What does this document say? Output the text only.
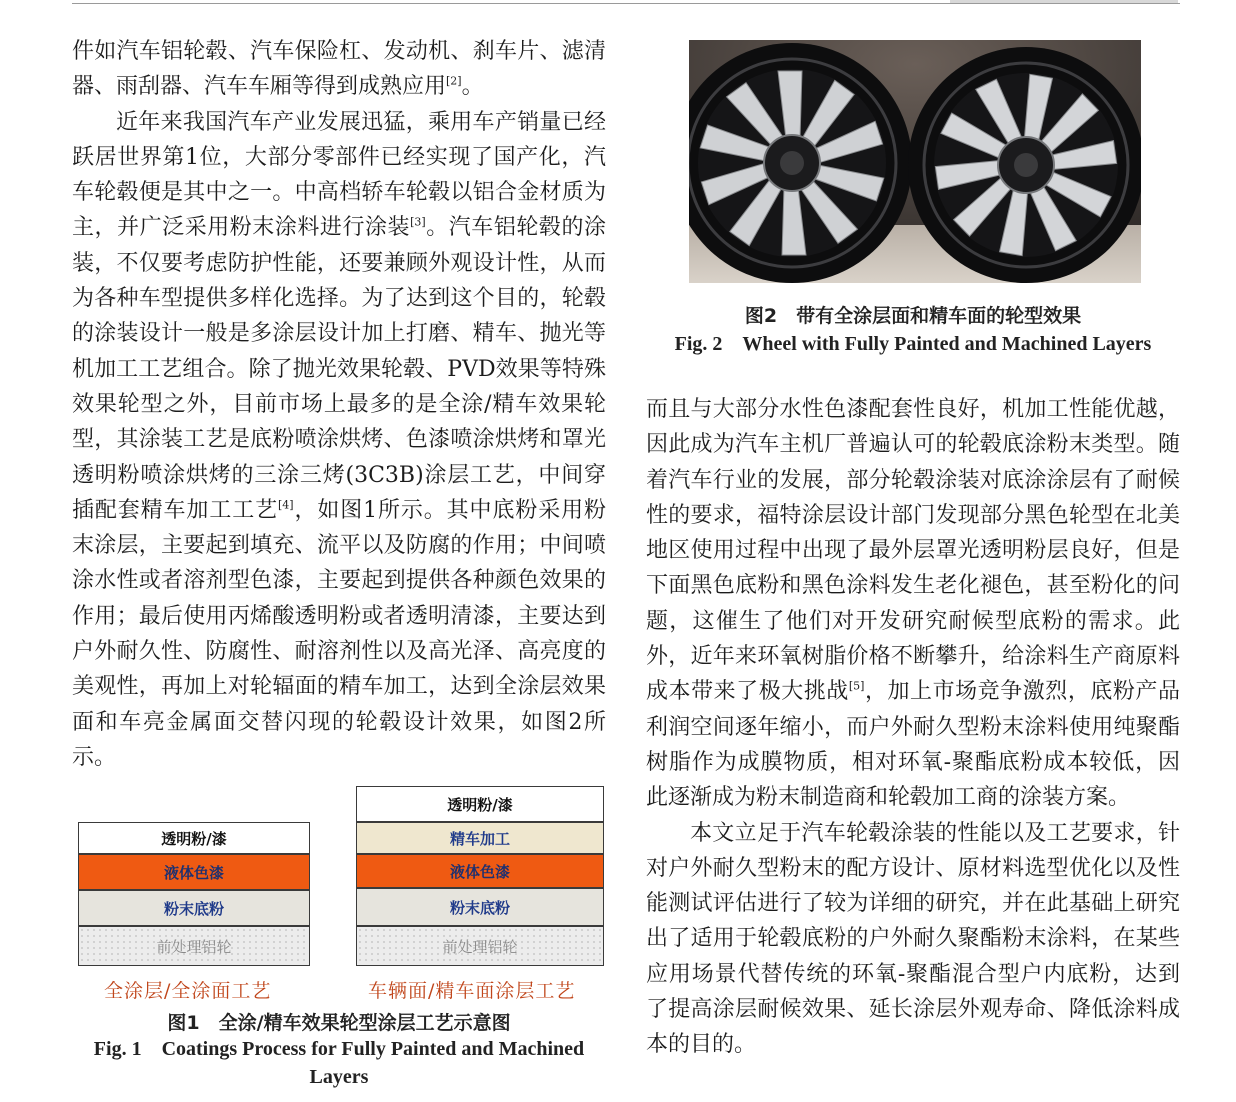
件如汽车铝轮毂、汽车保险杠、发动机、刹车片、滤清器、雨刮器、汽车车厢等得到成熟应用[2]。

近年来我国汽车产业发展迅猛，乘用车产销量已经跃居世界第1位，大部分零部件已经实现了国产化，汽车轮毂便是其中之一。中高档轿车轮毂以铝合金材质为主，并广泛采用粉末涂料进行涂装[3]。汽车铝轮毂的涂装，不仅要考虑防护性能，还要兼顾外观设计性，从而为各种车型提供多样化选择。为了达到这个目的，轮毂的涂装设计一般是多涂层设计加上打磨、精车、抛光等机加工工艺组合。除了抛光效果轮毂、PVD效果等特殊效果轮型之外，目前市场上最多的是全涂/精车效果轮型，其涂装工艺是底粉喷涂烘烤、色漆喷涂烘烤和罩光透明粉喷涂烘烤的三涂三烤(3C3B)涂层工艺，中间穿插配套精车加工工艺[4]，如图1所示。其中底粉采用粉末涂层，主要起到填充、流平以及防腐的作用；中间喷涂水性或者溶剂型色漆，主要起到提供各种颜色效果的作用；最后使用丙烯酸透明粉或者透明清漆，主要达到户外耐久性、防腐性、耐溶剂性以及高光泽、高亮度的美观性，再加上对轮辐面的精车加工，达到全涂层效果面和车亮金属面交替闪现的轮毂设计效果，如图2所示。

图2　带有全涂层面和精车面的轮型效果
Fig. 2　Wheel with Fully Painted and Machined Layers

而且与大部分水性色漆配套性良好，机加工性能优越，因此成为汽车主机厂普遍认可的轮毂底涂粉末类型。随着汽车行业的发展，部分轮毂涂装对底涂涂层有了耐候性的要求，福特涂层设计部门发现部分黑色轮型在北美地区使用过程中出现了最外层罩光透明粉层良好，但是下面黑色底粉和黑色涂料发生老化褪色，甚至粉化的问题，这催生了他们对开发研究耐候型底粉的需求。此外，近年来环氧树脂价格不断攀升，给涂料生产商原料成本带来了极大挑战[5]，加上市场竞争激烈，底粉产品利润空间逐年缩小，而户外耐久型粉末涂料使用纯聚酯树脂作为成膜物质，相对环氧-聚酯底粉成本较低，因此逐渐成为粉末制造商和轮毂加工商的涂装方案。

本文立足于汽车轮毂涂装的性能以及工艺要求，针对户外耐久型粉末的配方设计、原材料选型优化以及性能测试评估进行了较为详细的研究，并在此基础上研究出了适用于轮毂底粉的户外耐久聚酯粉末涂料，在某些应用场景代替传统的环氧-聚酯混合型户内底粉，达到了提高涂层耐候效果、延长涂层外观寿命、降低涂料成本的目的。

透明粉/漆
液体色漆
粉末底粉
前处理铝轮
全涂层/全涂面工艺
透明粉/漆
精车加工
液体色漆
粉末底粉
前处理铝轮
车辆面/精车面涂层工艺
图1　全涂/精车效果轮型涂层工艺示意图
Fig. 1　Coatings Process for Fully Painted and Machined Layers
